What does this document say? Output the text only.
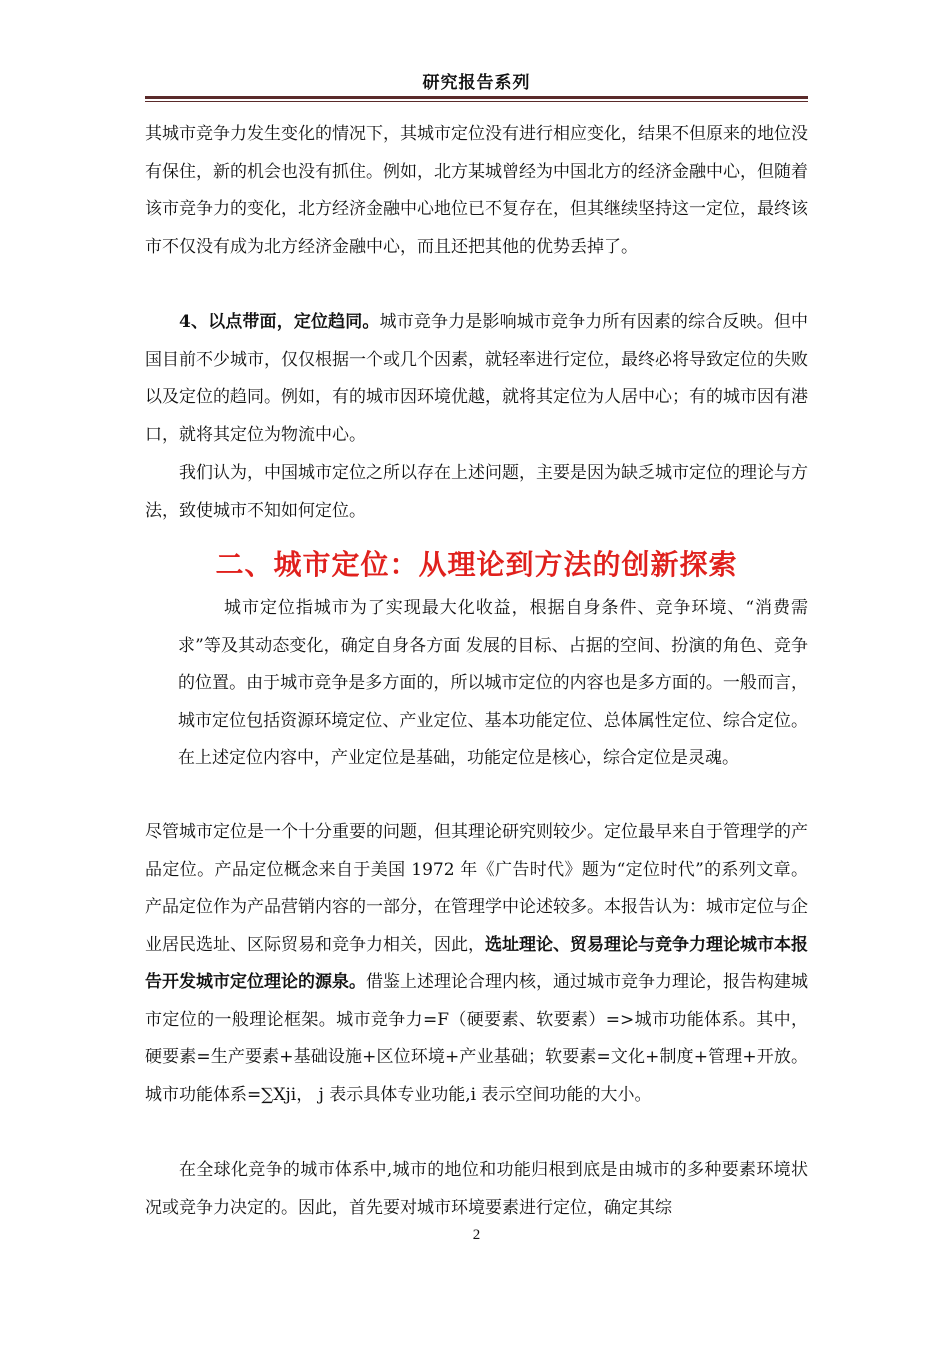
研究报告系列

其城市竞争力发生变化的情况下，其城市定位没有进行相应变化，结果不但原来的地位没有保住，新的机会也没有抓住。例如，北方某城曾经为中国北方的经济金融中心，但随着该市竞争力的变化，北方经济金融中心地位已不复存在，但其继续坚持这一定位，最终该市不仅没有成为北方经济金融中心，而且还把其他的优势丢掉了。

4、以点带面，定位趋同。城市竞争力是影响城市竞争力所有因素的综合反映。但中国目前不少城市，仅仅根据一个或几个因素，就轻率进行定位，最终必将导致定位的失败以及定位的趋同。例如，有的城市因环境优越，就将其定位为人居中心；有的城市因有港口，就将其定位为物流中心。

我们认为，中国城市定位之所以存在上述问题，主要是因为缺乏城市定位的理论与方法，致使城市不知如何定位。

二、城市定位：从理论到方法的创新探索

城市定位指城市为了实现最大化收益，根据自身条件、竞争环境、“消费需求”等及其动态变化，确定自身各方面 发展的目标、占据的空间、扮演的角色、竞争的位置。由于城市竞争是多方面的，所以城市定位的内容也是多方面的。一般而言，城市定位包括资源环境定位、产业定位、基本功能定位、总体属性定位、综合定位。在上述定位内容中，产业定位是基础，功能定位是核心，综合定位是灵魂。

尽管城市定位是一个十分重要的问题，但其理论研究则较少。定位最早来自于管理学的产品定位。产品定位概念来自于美国 1972 年《广告时代》题为“定位时代”的系列文章。产品定位作为产品营销内容的一部分，在管理学中论述较多。本报告认为：城市定位与企业居民选址、区际贸易和竞争力相关，因此，选址理论、贸易理论与竞争力理论城市本报告开发城市定位理论的源泉。借鉴上述理论合理内核，通过城市竞争力理论，报告构建城市定位的一般理论框架。城市竞争力=F（硬要素、软要素）=>城市功能体系。其中，硬要素=生产要素+基础设施+区位环境+产业基础；软要素=文化+制度+管理+开放。城市功能体系=∑Xji， j 表示具体专业功能,i 表示空间功能的大小。

在全球化竞争的城市体系中,城市的地位和功能归根到底是由城市的多种要素环境状况或竞争力决定的。因此，首先要对城市环境要素进行定位，确定其综

2
